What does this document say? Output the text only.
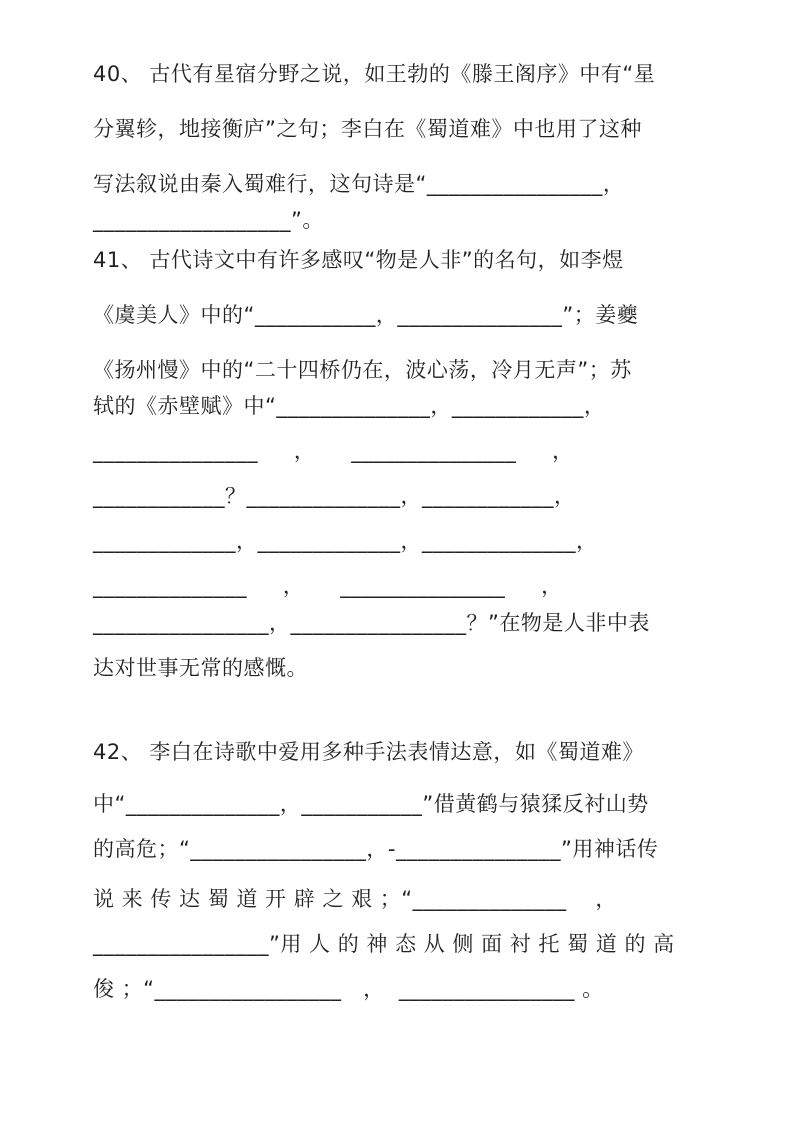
40、 古代有星宿分野之说，如王勃的《滕王阁序》中有“星
分翼轸，地接衡庐”之句；李白在《蜀道难》中也用了这种
写法叙说由秦入蜀难行，这句诗是“________________，
__________________”。
41、 古代诗文中有许多感叹“物是人非”的名句，如李煜
《虞美人》中的“___________，_______________”；姜夔
《扬州慢》中的“二十四桥仍在，波心荡，冷月无声”；苏
轼的《赤壁赋》中“______________，____________，
_______________     ，     _______________     ，
____________？______________，____________，
_____________，_____________，______________，
______________     ，     _______________     ，
________________，________________？”在物是人非中表
达对世事无常的感慨。
42、 李白在诗歌中爱用多种手法表情达意，如《蜀道难》
中“______________，___________”借黄鹤与猿猱反衬山势
的高危；“________________，-_______________”用神话传
说 来 传 达 蜀 道 开 辟 之 艰 ；“______________    ，
________________”用 人 的 神 态 从 侧 面 衬 托 蜀 道 的 高
俊 ；“_________________   ，  ________________ 。
